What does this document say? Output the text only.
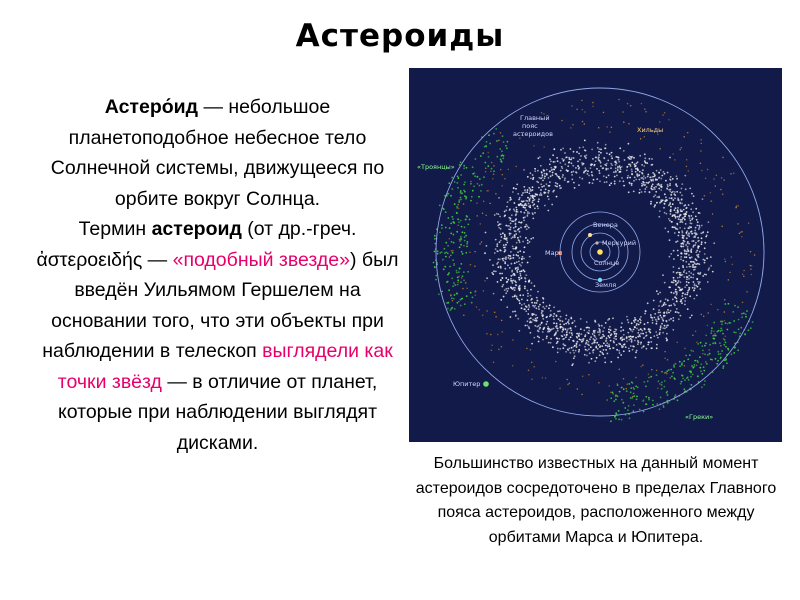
Астероиды
Астеро́ид — небольшое планетоподобное небесное тело Солнечной системы, движущееся по орбите вокруг Солнца.
Термин астероид (от др.-греч. ἀστεροειδής — «подобный звезде») был введён Уильямом Гершелем на основании того, что эти объекты при наблюдении в телескоп выглядели как точки звёзд — в отличие от планет, которые при наблюдении выглядят дисками.
Главный
пояс
астероидов	Хильды
«Троянцы»
«Греки»
Юпитер
Венера
Меркурий
Марс
Солнце
Земля
Большинство известных на данный момент астероидов сосредоточено в пределах Главного пояса астероидов, расположенного между орбитами Марса и Юпитера.
